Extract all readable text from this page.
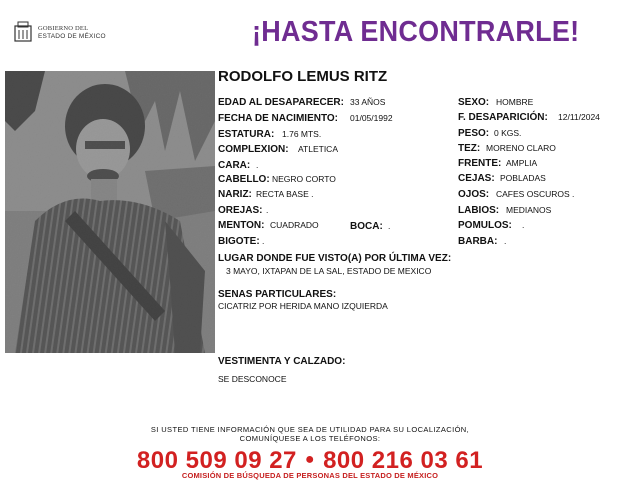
GOBIERNO DEL
ESTADO DE MÉXICO	¡HASTA ENCONTRARLE!
RODOLFO LEMUS RITZ
EDAD AL DESAPARECER: 33 AÑOS
FECHA DE NACIMIENTO: 01/05/1992
ESTATURA: 1.76 MTS.
COMPLEXION: ATLETICA
CARA: .
CABELLO: NEGRO CORTO
NARIZ: RECTA BASE .
OREJAS: .
MENTON: CUADRADO	BOCA: .
BIGOTE: .
SEXO: HOMBRE
F. DESAPARICIÓN: 12/11/2024
PESO: 0 KGS.
TEZ: MORENO CLARO
FRENTE: AMPLIA
CEJAS: POBLADAS
OJOS: CAFES OSCUROS .
LABIOS: MEDIANOS
POMULOS: .
BARBA: .
LUGAR DONDE FUE VISTO(A) POR ÚLTIMA VEZ:
3 MAYO, IXTAPAN DE LA SAL, ESTADO DE MEXICO
SENAS PARTICULARES:
CICATRIZ POR HERIDA MANO IZQUIERDA
VESTIMENTA Y CALZADO:
SE DESCONOCE
SI USTED TIENE INFORMACIÓN QUE SEA DE UTILIDAD PARA SU LOCALIZACIÓN,
COMUNÍQUESE A LOS TELÉFONOS:
800 509 09 27 ● 800 216 03 61
COMISIÓN DE BÚSQUEDA DE PERSONAS DEL ESTADO DE MÉXICO
